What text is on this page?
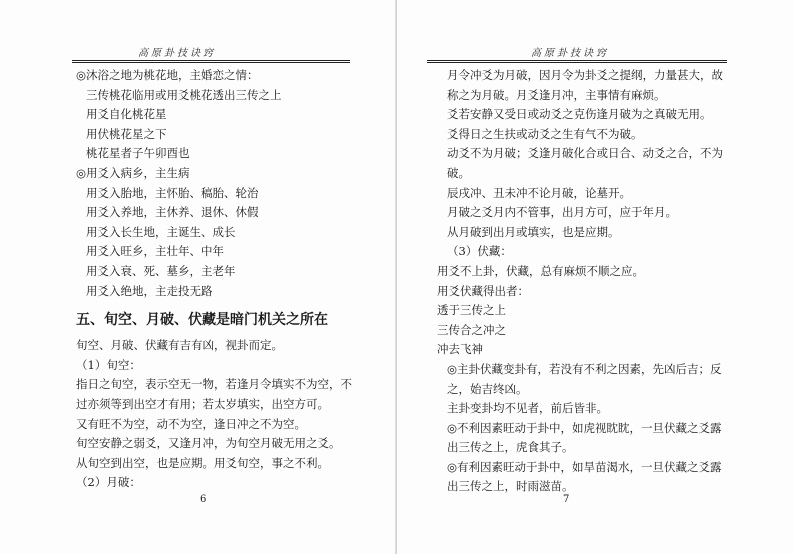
高原卦技诀窍
◎沐浴之地为桃花地，主婚恋之情：
三传桃花临用或用爻桃花透出三传之上
用爻自化桃花星
用伏桃花星之下
桃花星者子午卯酉也
◎用爻入病乡，主生病
用爻入胎地，主怀胎、稿胎、轮治
用爻入养地，主休养、退休、休假
用爻入长生地，主诞生、成长
用爻入旺乡，主壮年、中年
用爻入衰、死、墓乡，主老年
用爻入绝地，主走投无路
五、旬空、月破、伏藏是暗门机关之所在
旬空、月破、伏藏有吉有凶，视卦而定。
（1）旬空：
指日之旬空，表示空无一物，若逢月令填实不为空，不过亦须等到出空才有用；若太岁填实，出空方可。
又有旺不为空，动不为空，逢日冲之不为空。
旬空安静之弱爻，又逢月冲，为旬空月破无用之爻。
从旬空到出空，也是应期。用爻旬空，事之不利。
（2）月破：
6
高原卦技诀窍
月令冲爻为月破，因月令为卦爻之提纲，力量甚大，故称之为月破。月爻逢月冲，主事情有麻烦。
爻若安静又受日或动爻之克伤逢月破为之真破无用。
爻得日之生扶或动爻之生有气不为破。
动爻不为月破；爻逢月破化合或日合、动爻之合，不为破。
辰戌冲、丑未冲不论月破，论墓开。
月破之爻月内不管事，出月方可，应于年月。
从月破到出月或填实，也是应期。
（3）伏藏：
用爻不上卦，伏藏，总有麻烦不顺之应。
用爻伏藏得出者：
透于三传之上
三传合之冲之
冲去飞神
◎主卦伏藏变卦有，若没有不利之因素，先凶后吉；反之，始吉终凶。
主卦变卦均不见者，前后皆非。
◎不利因素旺动于卦中，如虎视眈眈，一旦伏藏之爻露出三传之上，虎食其子。
◎有利因素旺动于卦中，如旱苗渴水，一旦伏藏之爻露出三传之上，时雨滋苗。
7
